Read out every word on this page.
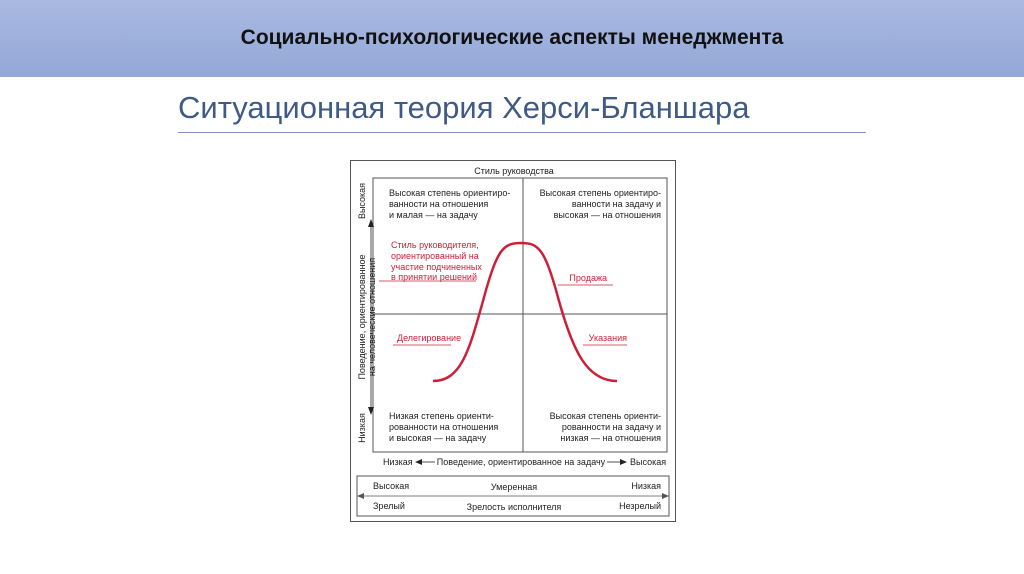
Социально-психологические аспекты менеджмента
Ситуационная теория Херси-Бланшара
Стиль руководства
Высокая степень ориентиро-
ванности на отношения
и малая — на задачу
Высокая степень ориентиро-
ванности на задачу и
высокая — на отношения
Стиль руководителя,
ориентированный на
участие подчиненных
в принятии решений	Продажа
Делегирование	Указания
Низкая степень ориенти-
рованности на отношения
и высокая — на задачу
Высокая степень ориенти-
рованности на задачу и
низкая — на отношения
Высокая
Низкая
Поведение, ориентированное на человеческие отношения
Низкая	Поведение, ориентированное на задачу	Высокая
Высокая	Умеренная	Низкая
Зрелый	Зрелость исполнителя	Незрелый
